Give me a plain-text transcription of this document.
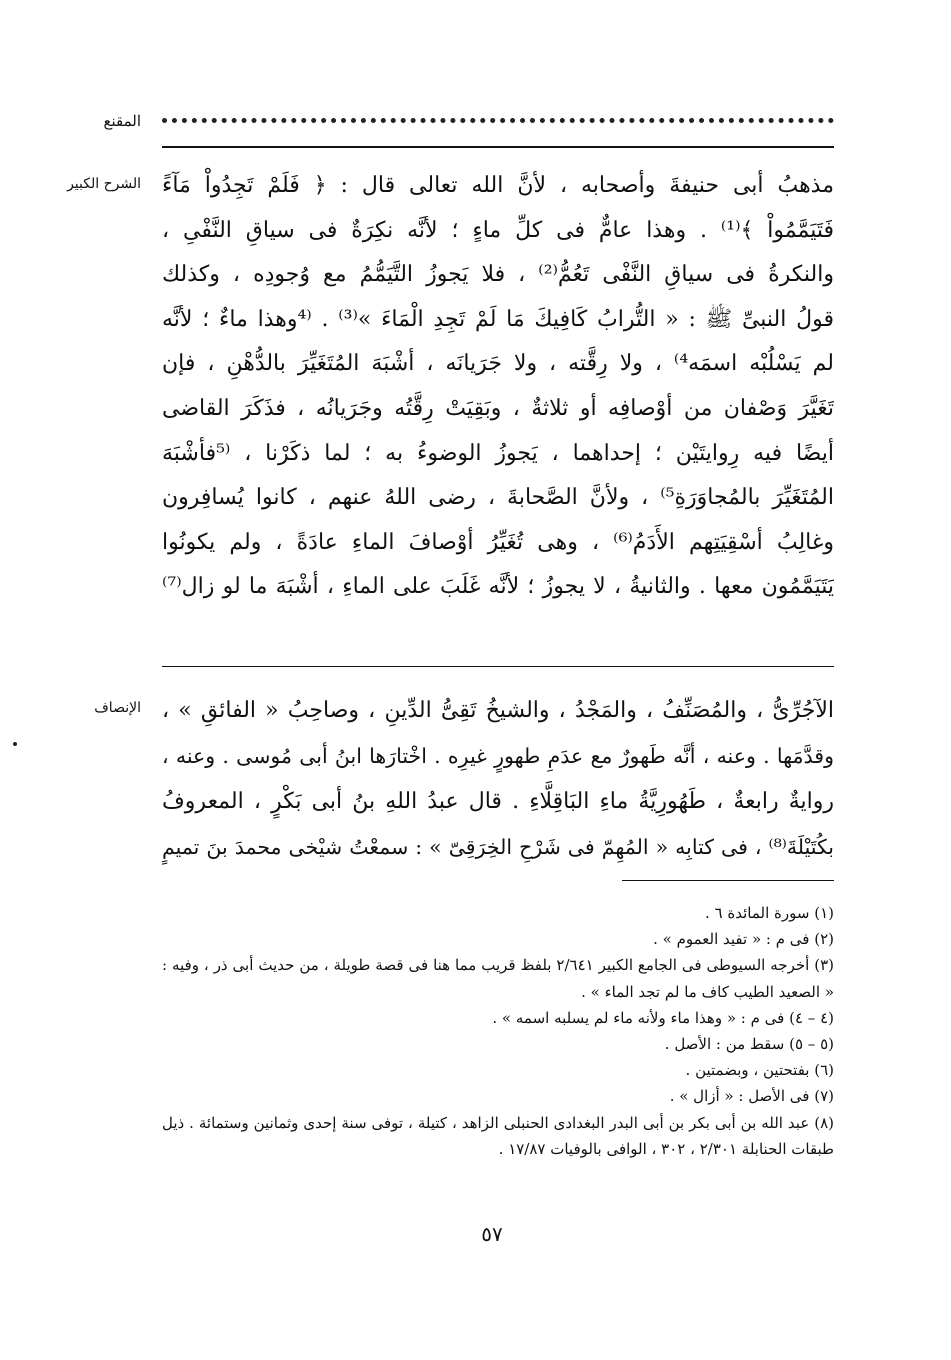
المقنع
الشرح الكبير مذهبُ أبى حنيفةَ وأصحابه ، لأنَّ الله تعالى قال : ﴿ فَلَمْ تَجِدُواْ مَآءً
فَتَيَمَّمُواْ ﴾⁽¹⁾ . وهذا عامٌّ فى كلِّ ماءٍ ؛ لأنَّه نكِرَةٌ فى سياقِ النَّفْىِ ،
والنكرةُ فى سياقِ النَّفْى تَعُمُّ⁽²⁾ ، فلا يَجوزُ التَّيَمُّمُ مع وُجودِه ، وكذلك
قولُ النبىِّ ﷺ : « التُّرابُ كَافِيكَ مَا لَمْ تَجِدِ الْمَاءَ »⁽³⁾ . ⁽⁴وهذا ماءٌ ؛ لأنَّه
لم يَسْلُبْه اسمَه⁴⁾ ، ولا رِقَّته ، ولا جَرَيانَه ، أشْبَهَ المُتَغَيِّرَ بالدُّهْنِ ، فإن
تَغَيَّرَ وَصْفان من أوْصافِه أو ثلاثةٌ ، وبَقِيَتْ رِقَّتُه وجَرَيانُه ، فذَكَرَ القاضى
أيضًا فيه رِوايتَيْن ؛ إحداهما ، يَجوزُ الوضوءُ به ؛ لما ذكَرْنا ، ⁽⁵فأشْبَهَ
المُتَغَيِّرَ بالمُجاوَرَةِ⁵⁾ ، ولأنَّ الصَّحابةَ ، رضى اللهُ عنهم ، كانوا يُسافِرون
وغالِبُ أسْقِيَتِهم الأَدَمُ⁽⁶⁾ ، وهى تُغَيِّرُ أوْصافَ الماءِ عادَةً ، ولم يكونُوا
يَتَيَمَّمُون معها . والثانيةُ ، لا يجوزُ ؛ لأنَّه غَلَبَ على الماءِ ، أشْبَهَ ما لو زال⁽⁷⁾
الإنصاف الآجُرِّىُّ ، والمُصَنِّفُ ، والمَجْدُ ، والشيخُ تَقِىُّ الدِّينِ ، وصاحِبُ « الفائقِ » ،
وقدَّمَها . وعنه ، أنَّه طَهورٌ مع عدَمِ طهورٍ غيرِه . اخْتارَها ابنُ أبى مُوسى . وعنه ،
روايةٌ رابعةٌ ، طَهُورِيَّةُ ماءِ البَاقِلَّاءِ . قال عبدُ اللهِ بنُ أبى بَكْرٍ ، المعروفُ
بكُتَيْلَةَ⁽⁸⁾ ، فى كتابِه « المُهِمّ فى شَرْحِ الخِرَقِىّ » : سمعْتُ شيْخى محمدَ بنَ تميمٍ
(١) سورة المائدة ٦ .
(٢) فى م : « تفيد العموم » .
(٣) أخرجه السيوطى فى الجامع الكبير ٢/٦٤١ بلفظ قريب مما هنا فى قصة طويلة ، من حديث أبى ذر ، وفيه :
« الصعيد الطيب كاف ما لم تجد الماء » .
(٤ – ٤) فى م : « وهذا ماء ولأنه ماء لم يسلبه اسمه » .
(٥ – ٥) سقط من : الأصل .
(٦) بفتحتين ، وبضمتين .
(٧) فى الأصل : « أزال » .
(٨) عبد الله بن أبى بكر بن أبى البدر البغدادى الحنبلى الزاهد ، كتيلة ، توفى سنة إحدى وثمانين وستمائة . ذيل
طبقات الحنابلة ٢/٣٠١ ، ٣٠٢ ، الوافى بالوفيات ١٧/٨٧ .
٥٧
